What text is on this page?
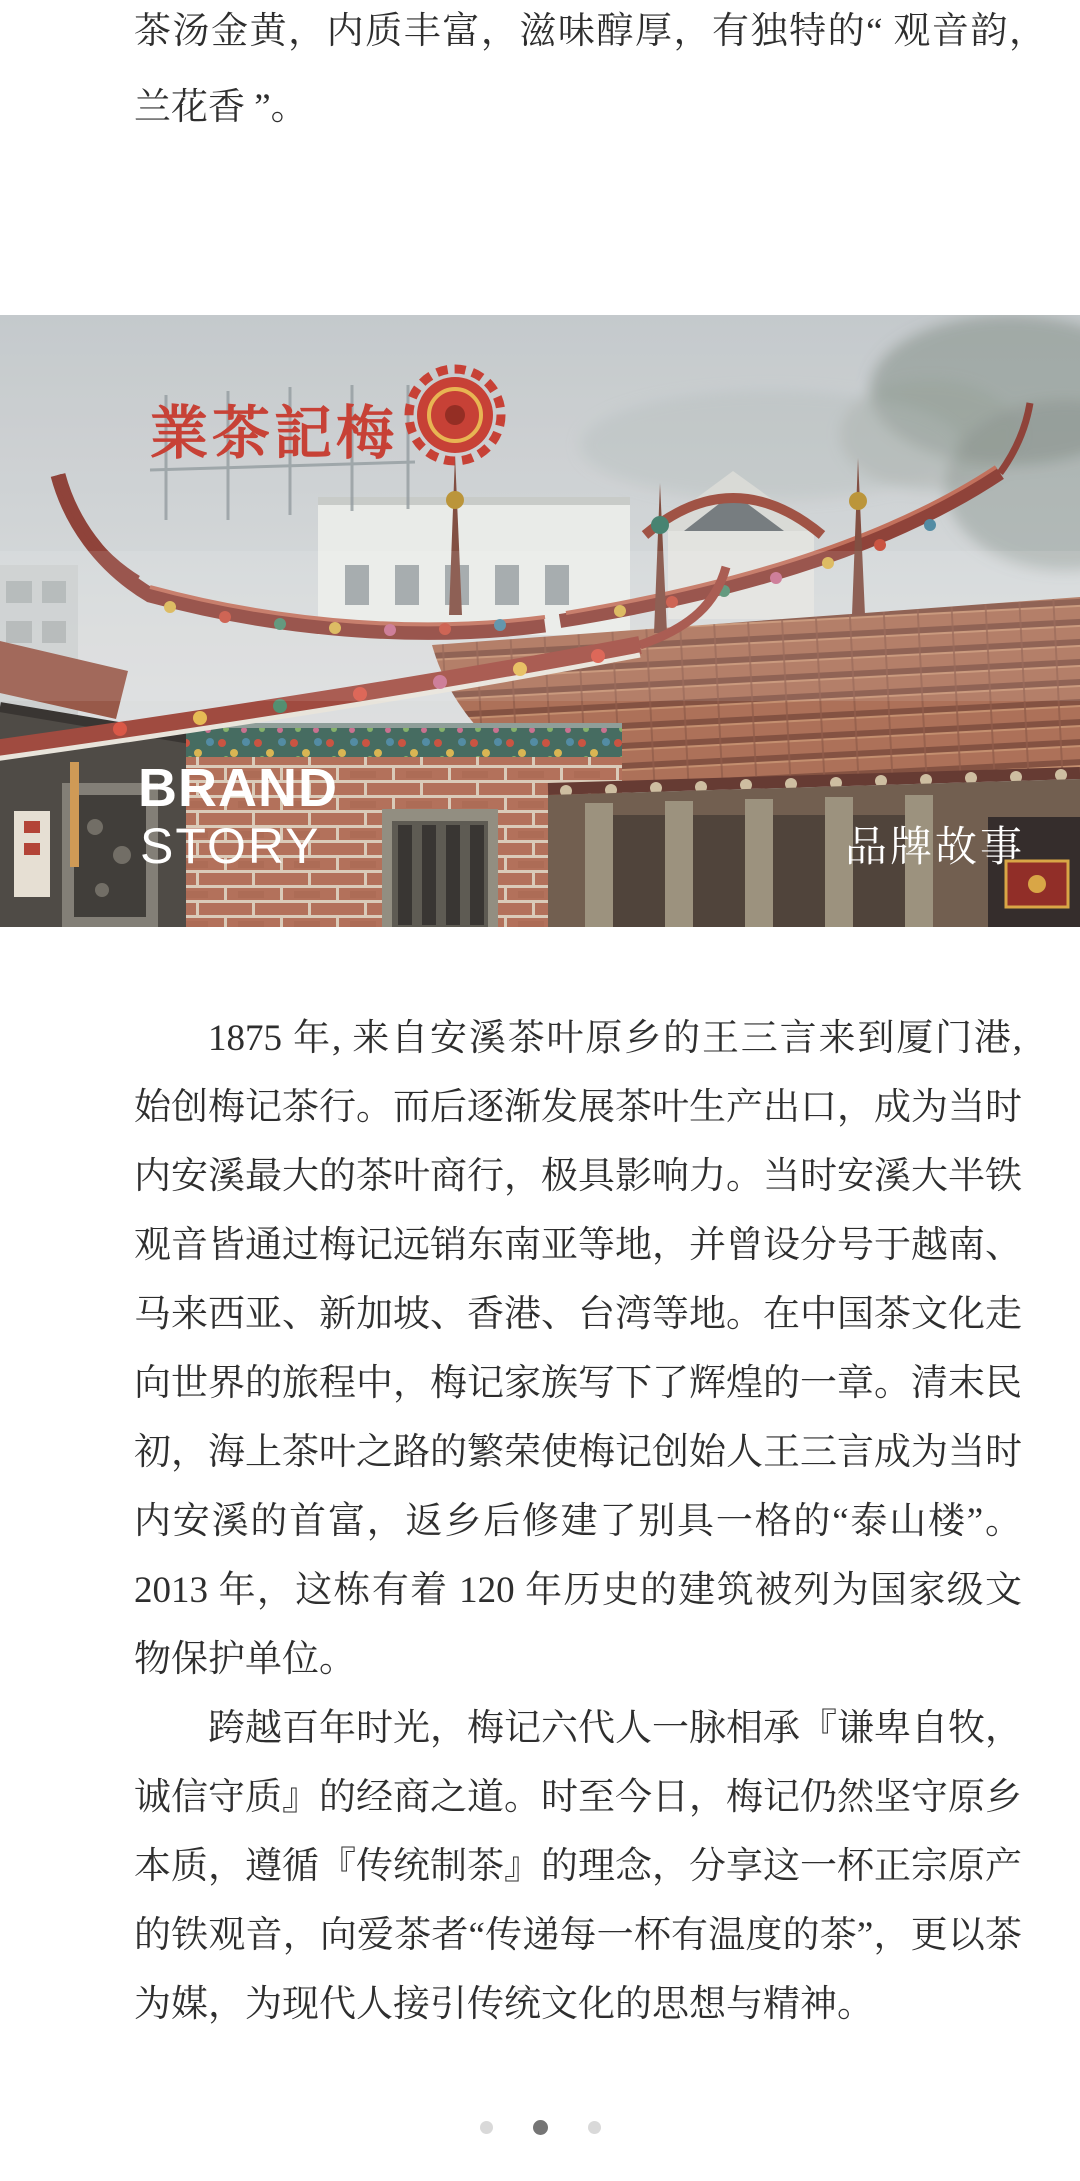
茶汤金黄，内质丰富，滋味醇厚，有独特的“ 观音韵，兰花香 ”。

業茶記梅
BRAND
STORY	品牌故事

1875 年, 来自安溪茶叶原乡的王三言来到厦门港, 始创梅记茶行。而后逐渐发展茶叶生产出口，成为当时内安溪最大的茶叶商行，极具影响力。当时安溪大半铁观音皆通过梅记远销东南亚等地，并曾设分号于越南、马来西亚、新加坡、香港、台湾等地。在中国茶文化走向世界的旅程中，梅记家族写下了辉煌的一章。清末民初，海上茶叶之路的繁荣使梅记创始人王三言成为当时内安溪的首富，返乡后修建了别具一格的“泰山楼”。2013 年，这栋有着 120 年历史的建筑被列为国家级文物保护单位。

跨越百年时光，梅记六代人一脉相承『谦卑自牧，诚信守质』的经商之道。时至今日，梅记仍然坚守原乡本质，遵循『传统制茶』的理念，分享这一杯正宗原产的铁观音，向爱茶者“传递每一杯有温度的茶”，更以茶为媒，为现代人接引传统文化的思想与精神。
